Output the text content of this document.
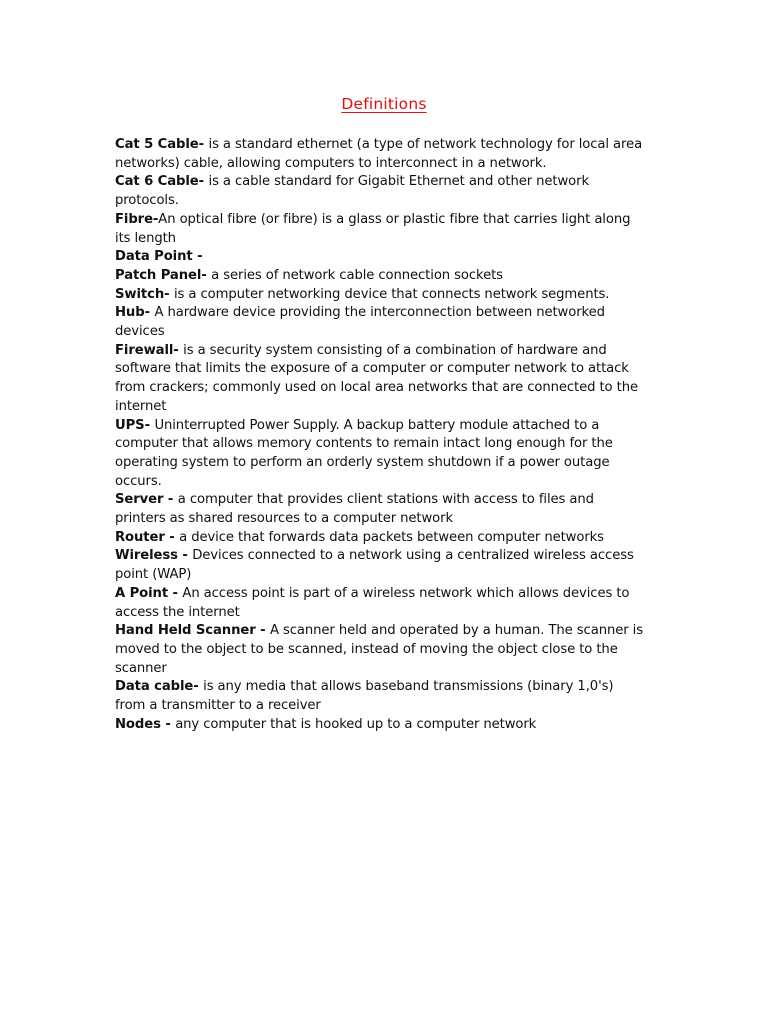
Definitions

Cat 5 Cable- is a standard ethernet (a type of network technology for local area networks) cable, allowing computers to interconnect in a network.

Cat 6 Cable- is a cable standard for Gigabit Ethernet and other network protocols.

Fibre-An optical fibre (or fibre) is a glass or plastic fibre that carries light along its length

Data Point -

Patch Panel- a series of network cable connection sockets

Switch- is a computer networking device that connects network segments.

Hub- A hardware device providing the interconnection between networked devices

Firewall- is a security system consisting of a combination of hardware and software that limits the exposure of a computer or computer network to attack from crackers; commonly used on local area networks that are connected to the internet

UPS- Uninterrupted Power Supply. A backup battery module attached to a computer that allows memory contents to remain intact long enough for the operating system to perform an orderly system shutdown if a power outage occurs.

Server - a computer that provides client stations with access to files and printers as shared resources to a computer network

Router - a device that forwards data packets between computer networks

Wireless - Devices connected to a network using a centralized wireless access point (WAP)

A Point - An access point is part of a wireless network which allows devices to access the internet

Hand Held Scanner - A scanner held and operated by a human. The scanner is moved to the object to be scanned, instead of moving the object close to the scanner

Data cable- is any media that allows baseband transmissions (binary 1,0's) from a transmitter to a receiver

Nodes - any computer that is hooked up to a computer network
